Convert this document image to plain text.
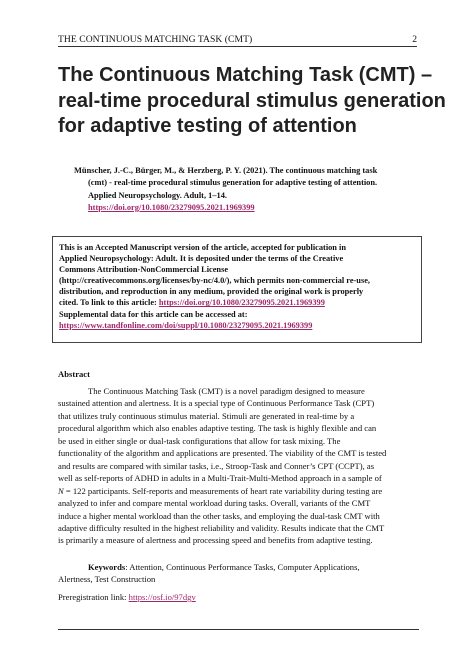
THE CONTINUOUS MATCHING TASK (CMT)	2
The Continuous Matching Task (CMT) –
real-time procedural stimulus generation
for adaptive testing of attention
Münscher, J.-C., Bürger, M., & Herzberg, P. Y. (2021). The continuous matching task
(cmt) - real-time procedural stimulus generation for adaptive testing of attention.
Applied Neuropsychology. Adult, 1–14.
https://doi.org/10.1080/23279095.2021.1969399
This is an Accepted Manuscript version of the article, accepted for publication in
Applied Neuropsychology: Adult. It is deposited under the terms of the Creative
Commons Attribution-NonCommercial License
(http://creativecommons.org/licenses/by-nc/4.0/), which permits non-commercial re-use,
distribution, and reproduction in any medium, provided the original work is properly
cited. To link to this article: https://doi.org/10.1080/23279095.2021.1969399
Supplemental data for this article can be accessed at:
https://www.tandfonline.com/doi/suppl/10.1080/23279095.2021.1969399
Abstract
The Continuous Matching Task (CMT) is a novel paradigm designed to measure
sustained attention and alertness. It is a special type of Continuous Performance Task (CPT)
that utilizes truly continuous stimulus material. Stimuli are generated in real-time by a
procedural algorithm which also enables adaptive testing. The task is highly flexible and can
be used in either single or dual-task configurations that allow for task mixing. The
functionality of the algorithm and applications are presented. The viability of the CMT is tested
and results are compared with similar tasks, i.e., Stroop-Task and Conner’s CPT (CCPT), as
well as self-reports of ADHD in adults in a Multi-Trait-Multi-Method approach in a sample of
N = 122 participants. Self-reports and measurements of heart rate variability during testing are
analyzed to infer and compare mental workload during tasks. Overall, variants of the CMT
induce a higher mental workload than the other tasks, and employing the dual-task CMT with
adaptive difficulty resulted in the highest reliability and validity. Results indicate that the CMT
is primarily a measure of alertness and processing speed and benefits from adaptive testing.
Keywords: Attention, Continuous Performance Tasks, Computer Applications,
Alertness, Test Construction
Preregistration link: https://osf.io/97dgv
